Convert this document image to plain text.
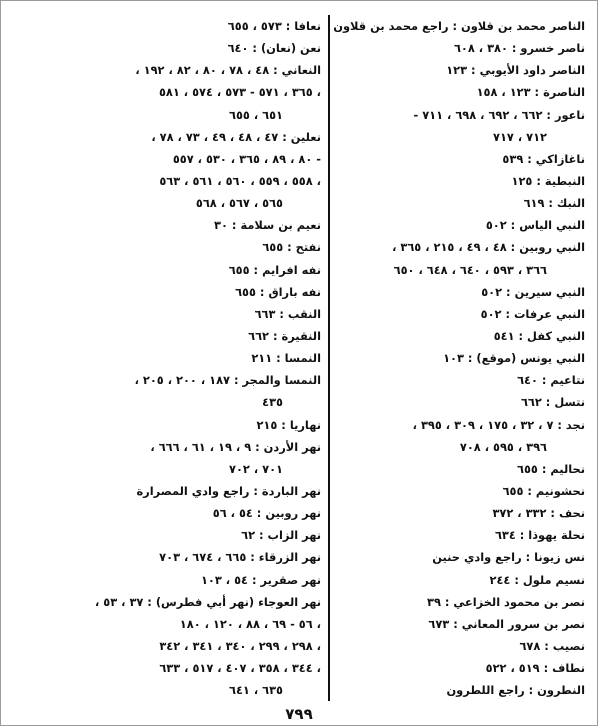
الناصر محمد بن قلاون : راجع محمد بن قلاون
ناصر خسرو : ٣٨٠ ، ٦٠٨
الناصر داود الأيوبي : ١٢٣
الناصرة : ١٢٣ ، ١٥٨
ناعور : ٦٦٢ ، ٦٩٢ ، ٦٩٨ ، ٧١١ -
٧١٢ ، ٧١٧
ناغازاكي : ٥٣٩
النبطية : ١٢٥
النبك : ٦١٩
النبي الياس : ٥٠٢
النبي روبين : ٤٨ ، ٤٩ ، ٢١٥ ، ٣٦٥ ،
٣٦٦ ، ٥٩٣ ، ٦٤٠ ، ٦٤٨ ، ٦٥٠
النبي سيرين : ٥٠٢
النبي عرفات : ٥٠٢
النبي كفل : ٥٤١
النبي يونس (موقع) : ١٠٣
نتاعيم : ٦٤٠
نتسل : ٦٦٢
نجد : ٧ ، ٣٢ ، ١٧٥ ، ٣٠٩ ، ٣٩٥ ،
٣٩٦ ، ٥٩٥ ، ٧٠٨
نحاليم : ٦٥٥
نحشونيم : ٦٥٥
نحف : ٣٣٢ ، ٣٧٢
نحلة يهوذا : ٦٣٤
نس زيونا : راجع وادي حنين
نسيم ملول : ٢٤٤
نصر بن محمود الخزاعي : ٣٩
نصر بن سرور المعاني : ٦٧٣
نصيب : ٦٧٨
نطاف : ٥١٩ ، ٥٢٢
النطرون : راجع اللطرون
نعافا : ٥٧٣ ، ٦٥٥
نعن (نعان) : ٦٤٠
النعاني : ٤٨ ، ٧٨ ، ٨٠ ، ٨٢ ، ١٩٢ ،
٣٦٥ ، ٥٧١ - ٥٧٣ ، ٥٧٤ ، ٥٨١ ،
٦٥١ ، ٦٥٥
نعلين : ٤٧ ، ٤٨ ، ٤٩ ، ٧٣ ، ٧٨ ،
٨٠ ، ٨٩ ، ٣٦٥ ، ٥٣٠ ، ٥٥٧ -
٥٥٨ ، ٥٥٩ ، ٥٦٠ ، ٥٦١ ، ٥٦٣ ،
٥٦٥ ، ٥٦٧ ، ٥٦٨
نعيم بن سلامة : ٣٠
نفتح : ٦٥٥
نفه افرايم : ٦٥٥
نفه باراق : ٦٥٥
النقب : ٦٦٣
النقيرة : ٦٦٢
النمسا : ٢١١
النمسا والمجر : ١٨٧ ، ٢٠٠ ، ٢٠٥ ،
٤٣٥
نهاريا : ٢١٥
نهر الأردن : ٩ ، ١٩ ، ٦١ ، ٦٦٦ ،
٧٠١ ، ٧٠٢
نهر الباردة : راجع وادي المصرارة
نهر روبين : ٥٤ ، ٥٦
نهر الزاب : ٦٢
نهر الزرقاء : ٦٦٥ ، ٦٧٤ ، ٧٠٣
نهر صقرير : ٥٤ ، ١٠٣
نهر العوجاء (نهر أبي فطرس) : ٣٧ ، ٥٣ ،
٥٦ - ٦٩ ، ٨٨ ، ١٢٠ ، ١٨٠ ،
٢٩٨ ، ٢٩٩ ، ٣٤٠ ، ٣٤١ ، ٣٤٢ ،
٣٤٤ ، ٣٥٨ ، ٤٠٧ ، ٥١٧ ، ٦٣٣ ،
٦٣٥ ، ٦٤١
٧٩٩
